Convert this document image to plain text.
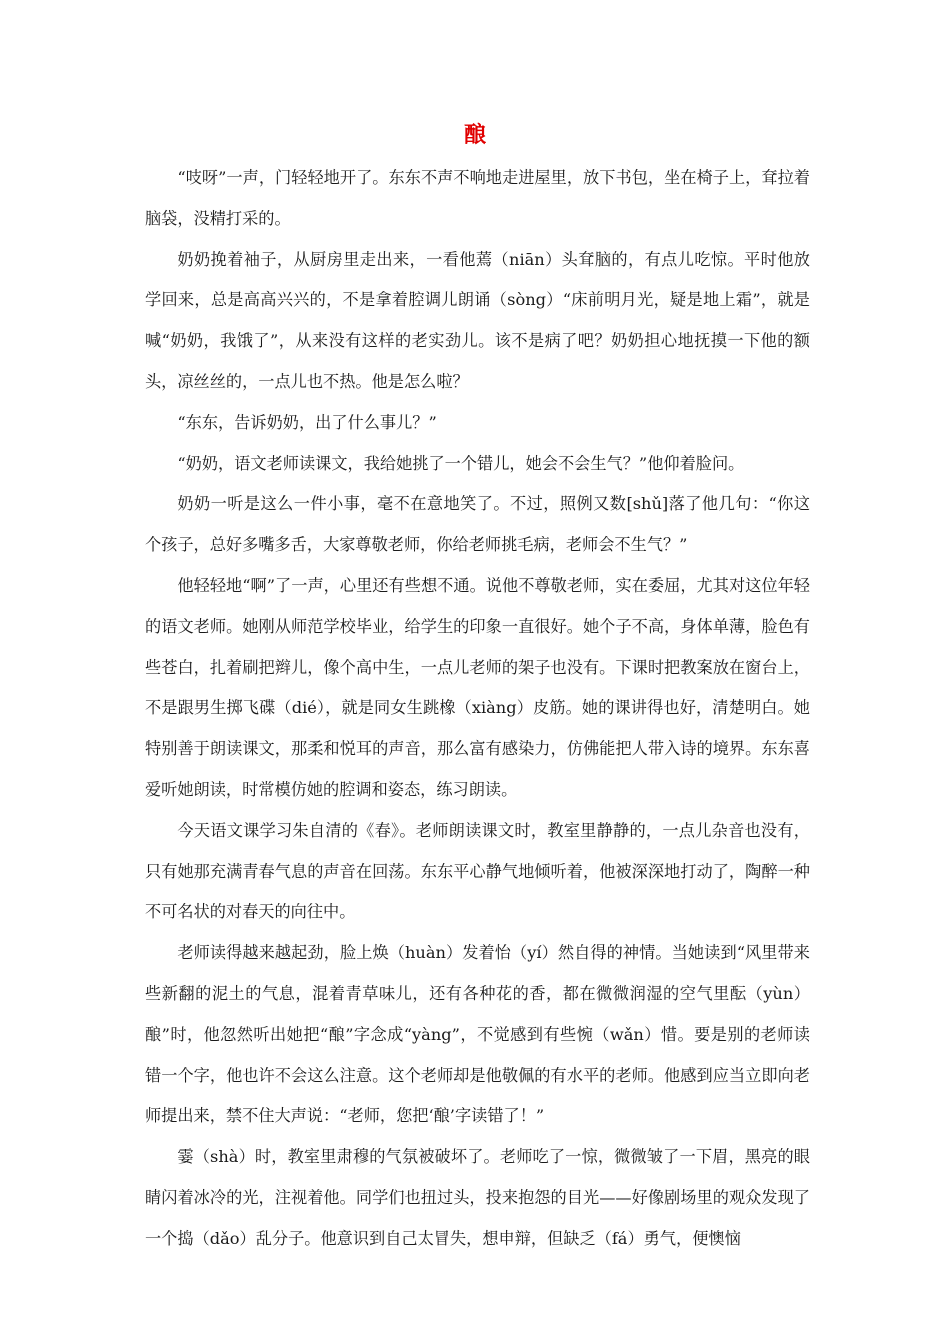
酿

“吱呀”一声，门轻轻地开了。东东不声不响地走进屋里，放下书包，坐在椅子上，耷拉着脑袋，没精打采的。

奶奶挽着袖子，从厨房里走出来，一看他蔫（niān）头耷脑的，有点儿吃惊。平时他放学回来，总是高高兴兴的，不是拿着腔调儿朗诵（sòng）“床前明月光，疑是地上霜”，就是喊“奶奶，我饿了”，从来没有这样的老实劲儿。该不是病了吧？奶奶担心地抚摸一下他的额头，凉丝丝的，一点儿也不热。他是怎么啦？

“东东，告诉奶奶，出了什么事儿？”

“奶奶，语文老师读课文，我给她挑了一个错儿，她会不会生气？”他仰着脸问。

奶奶一听是这么一件小事，毫不在意地笑了。不过，照例又数[shǔ]落了他几句：“你这个孩子，总好多嘴多舌，大家尊敬老师，你给老师挑毛病，老师会不生气？”

他轻轻地“啊”了一声，心里还有些想不通。说他不尊敬老师，实在委屈，尤其对这位年轻的语文老师。她刚从师范学校毕业，给学生的印象一直很好。她个子不高，身体单薄，脸色有些苍白，扎着刷把辫儿，像个高中生，一点儿老师的架子也没有。下课时把教案放在窗台上，不是跟男生掷飞碟（dié），就是同女生跳橡（xiàng）皮筋。她的课讲得也好，清楚明白。她特别善于朗读课文，那柔和悦耳的声音，那么富有感染力，仿佛能把人带入诗的境界。东东喜爱听她朗读，时常模仿她的腔调和姿态，练习朗读。

今天语文课学习朱自清的《春》。老师朗读课文时，教室里静静的，一点儿杂音也没有，只有她那充满青春气息的声音在回荡。东东平心静气地倾听着，他被深深地打动了，陶醉一种不可名状的对春天的向往中。

老师读得越来越起劲，脸上焕（huàn）发着怡（yí）然自得的神情。当她读到“风里带来些新翻的泥土的气息，混着青草味儿，还有各种花的香，都在微微润湿的空气里酝（yùn）酿”时，他忽然听出她把“酿”字念成“yàng”，不觉感到有些惋（wǎn）惜。要是别的老师读错一个字，他也许不会这么注意。这个老师却是他敬佩的有水平的老师。他感到应当立即向老师提出来，禁不住大声说：“老师，您把‘酿’字读错了！”

霎（shà）时，教室里肃穆的气氛被破坏了。老师吃了一惊，微微皱了一下眉，黑亮的眼睛闪着冰冷的光，注视着他。同学们也扭过头，投来抱怨的目光——好像剧场里的观众发现了一个捣（dǎo）乱分子。他意识到自己太冒失，想申辩，但缺乏（fá）勇气，便懊恼
